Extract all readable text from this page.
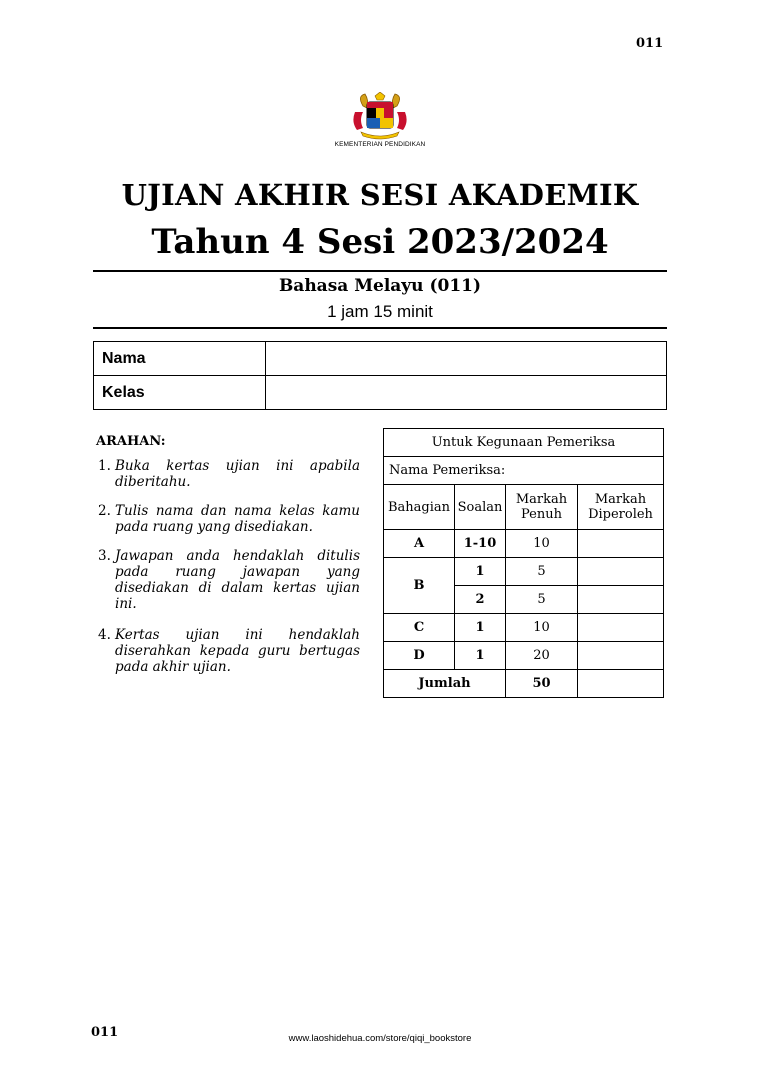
011
KEMENTERIAN PENDIDIKAN
UJIAN AKHIR SESI AKADEMIK
Tahun 4 Sesi 2023/2024
Bahasa Melayu (011)
1 jam 15 minit
Nama	
Kelas	
ARAHAN:
1. Buka kertas ujian ini apabila diberitahu.
2. Tulis nama dan nama kelas kamu pada ruang yang disediakan.
3. Jawapan anda hendaklah ditulis pada ruang jawapan yang disediakan di dalam kertas ujian ini.
4. Kertas ujian ini hendaklah diserahkan kepada guru bertugas pada akhir ujian.
Untuk Kegunaan Pemeriksa			
Nama Pemeriksa:			
Bahagian	Soalan	Markah Penuh	Markah Diperoleh
A	1-10	10	
B	1	5	
	2	5	
C	1	10	
D	1	20	
Jumlah		50	
011	www.laoshidehua.com/store/qiqi_bookstore
